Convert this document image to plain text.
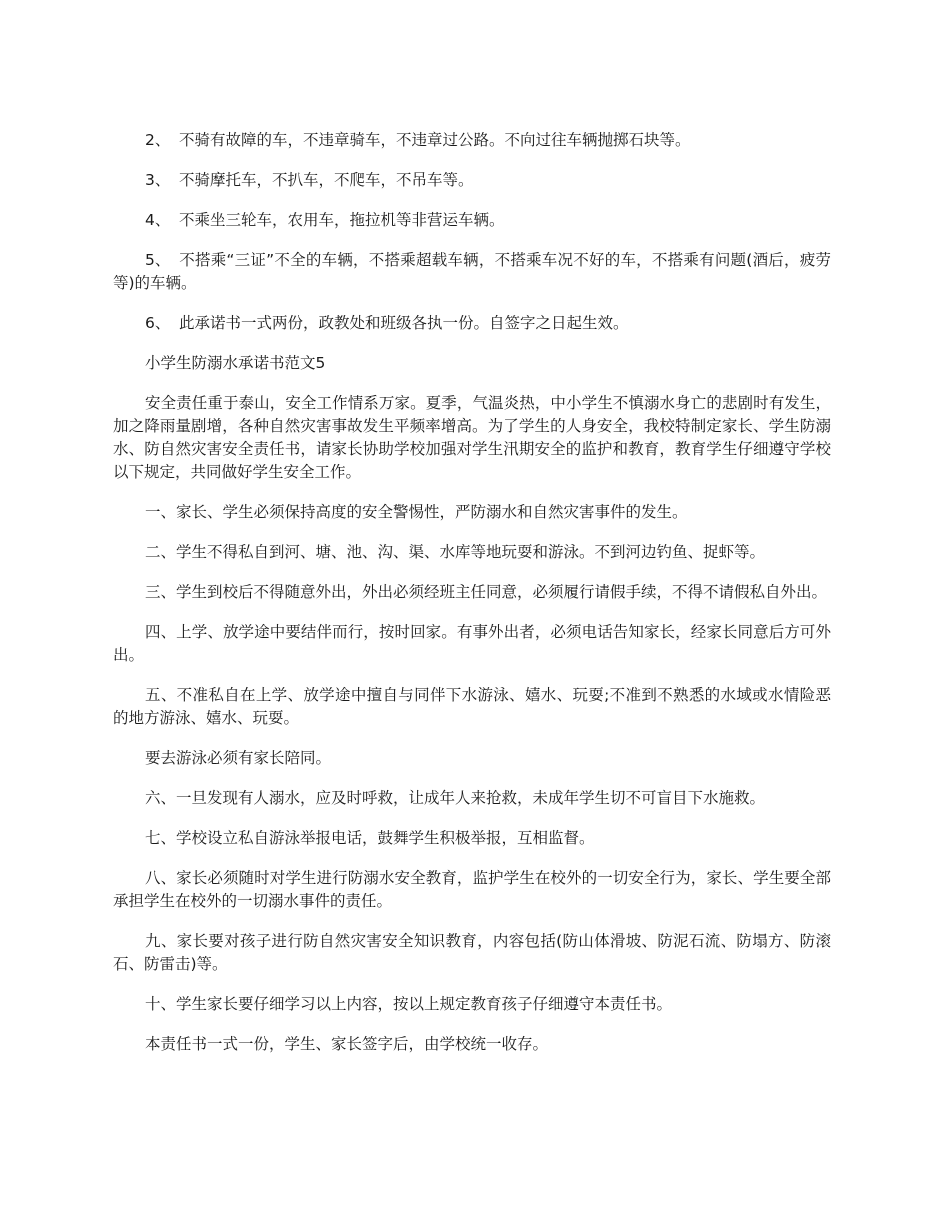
2、 不骑有故障的车，不违章骑车，不违章过公路。不向过往车辆抛掷石块等。

3、 不骑摩托车，不扒车，不爬车，不吊车等。

4、 不乘坐三轮车，农用车，拖拉机等非营运车辆。

5、 不搭乘“三证”不全的车辆，不搭乘超载车辆，不搭乘车况不好的车，不搭乘有问题(酒后，疲劳等)的车辆。

6、 此承诺书一式两份，政教处和班级各执一份。自签字之日起生效。

小学生防溺水承诺书范文5

安全责任重于泰山，安全工作情系万家。夏季，气温炎热，中小学生不慎溺水身亡的悲剧时有发生，加之降雨量剧增，各种自然灾害事故发生平频率增高。为了学生的人身安全，我校特制定家长、学生防溺水、防自然灾害安全责任书，请家长协助学校加强对学生汛期安全的监护和教育，教育学生仔细遵守学校以下规定，共同做好学生安全工作。

一、家长、学生必须保持高度的安全警惕性，严防溺水和自然灾害事件的发生。

二、学生不得私自到河、塘、池、沟、渠、水库等地玩耍和游泳。不到河边钓鱼、捉虾等。

三、学生到校后不得随意外出，外出必须经班主任同意，必须履行请假手续，不得不请假私自外出。

四、上学、放学途中要结伴而行，按时回家。有事外出者，必须电话告知家长，经家长同意后方可外出。

五、不准私自在上学、放学途中擅自与同伴下水游泳、嬉水、玩耍;不准到不熟悉的水域或水情险恶的地方游泳、嬉水、玩耍。

要去游泳必须有家长陪同。

六、一旦发现有人溺水，应及时呼救，让成年人来抢救，未成年学生切不可盲目下水施救。

七、学校设立私自游泳举报电话，鼓舞学生积极举报，互相监督。

八、家长必须随时对学生进行防溺水安全教育，监护学生在校外的一切安全行为，家长、学生要全部承担学生在校外的一切溺水事件的责任。

九、家长要对孩子进行防自然灾害安全知识教育，内容包括(防山体滑坡、防泥石流、防塌方、防滚石、防雷击)等。

十、学生家长要仔细学习以上内容，按以上规定教育孩子仔细遵守本责任书。

本责任书一式一份，学生、家长签字后，由学校统一收存。
